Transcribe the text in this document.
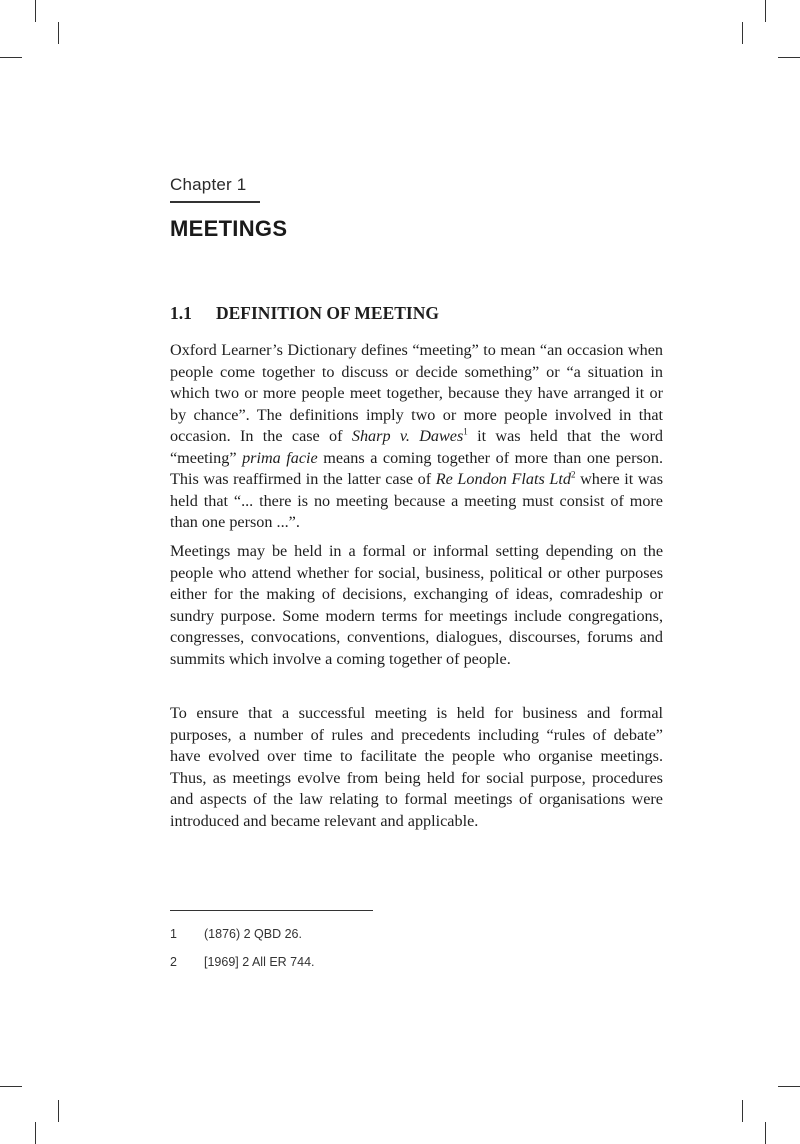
Chapter 1
MEETINGS
1.1 DEFINITION OF MEETING

Oxford Learner’s Dictionary defines “meeting” to mean “an occasion when people come together to discuss or decide something” or “a situation in which two or more people meet together, because they have arranged it or by chance”. The definitions imply two or more people involved in that occasion. In the case of Sharp v. Dawes$^1$ it was held that the word “meeting” prima facie means a coming together of more than one person. This was reaffirmed in the latter case of Re London Flats Ltd$^2$ where it was held that “... there is no meeting because a meeting must consist of more than one person ...”.

Meetings may be held in a formal or informal setting depending on the people who attend whether for social, business, political or other purposes either for the making of decisions, exchanging of ideas, comradeship or sundry purpose. Some modern terms for meetings include congregations, congresses, convocations, conventions, dialogues, discourses, forums and summits which involve a coming together of people.

To ensure that a successful meeting is held for business and formal purposes, a number of rules and precedents including “rules of debate” have evolved over time to facilitate the people who organise meetings. Thus, as meetings evolve from being held for social purpose, procedures and aspects of the law relating to formal meetings of organisations were introduced and became relevant and applicable.

1 (1876) 2 QBD 26.
2 [1969] 2 All ER 744.
